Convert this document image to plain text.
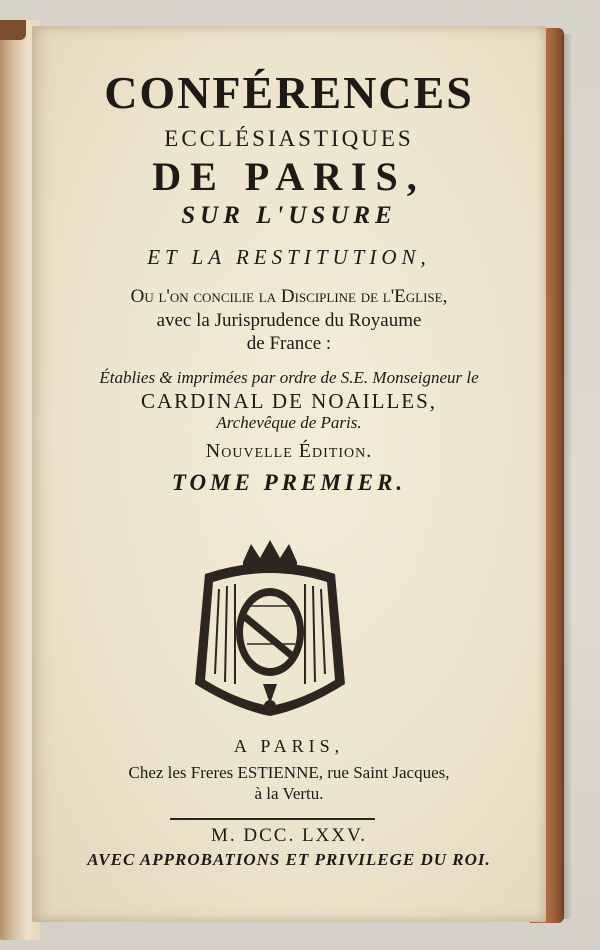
CONFÉRENCES
ECCLÉSIASTIQUES
DE PARIS,
SUR L'USURE
ET LA RESTITUTION,
Ou l'on concilie la Discipline de l'Eglise,
avec la Jurisprudence du Royaume
de France :
Établies & imprimées par ordre de S.E. Monseigneur le
CARDINAL DE NOAILLES,
Archevêque de Paris.
Nouvelle Édition.
TOME PREMIER.
A PARIS,
Chez les Freres ESTIENNE, rue Saint Jacques,
à la Vertu.
M. DCC. LXXV.
AVEC APPROBATIONS ET PRIVILEGE DU ROI.
